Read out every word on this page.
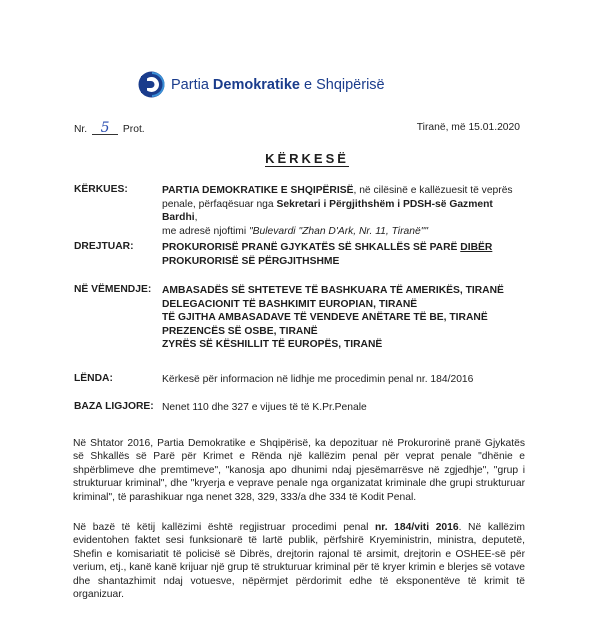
Partia Demokratike e Shqipërisë
Nr. 5 Prot.	Tiranë, më 15.01.2020
KËRKESË
KËRKUES:	PARTIA DEMOKRATIKE E SHQIPËRISË, në cilësinë e kallëzuesit të veprës
penale, përfaqësuar nga Sekretari i Përgjithshëm i PDSH-së Gazment Bardhi,
me adresë njoftimi "Bulevardi "Zhan D'Ark, Nr. 11, Tiranë""
DREJTUAR:	PROKURORISË PRANË GJYKATËS SË SHKALLËS SË PARË DIBËR
PROKURORISË SË PËRGJITHSHME
NË VËMENDJE: AMBASADËS SË SHTETEVE TË BASHKUARA TË AMERIKËS, TIRANË
DELEGACIONIT TË BASHKIMIT EUROPIAN, TIRANË
TË GJITHA AMBASADAVE TË VENDEVE ANËTARE TË BE, TIRANË
PREZENCËS SË OSBE, TIRANË
ZYRËS SË KËSHILLIT TË EUROPËS, TIRANË
LËNDA:	Kërkesë për informacion në lidhje me procedimin penal nr. 184/2016
BAZA LIGJORE: Nenet 110 dhe 327 e vijues të të K.Pr.Penale
Në Shtator 2016, Partia Demokratike e Shqipërisë, ka depozituar në Prokurorinë pranë Gjykatës së Shkallës së Parë për Krimet e Rënda një kallëzim penal për veprat penale "dhënie e shpërblimeve dhe premtimeve", "kanosja apo dhunimi ndaj pjesëmarrësve në zgjedhje", "grup i strukturuar kriminal", dhe "kryerja e veprave penale nga organizatat kriminale dhe grupi strukturuar kriminal", të parashikuar nga nenet 328, 329, 333/a dhe 334 të Kodit Penal.
Në bazë të këtij kallëzimi është regjistruar procedimi penal nr. 184/viti 2016. Në kallëzim evidentohen faktet sesi funksionarë të lartë publik, përfshirë Kryeministrin, ministra, deputetë, Shefin e komisariatit të policisë së Dibrës, drejtorin rajonal të arsimit, drejtorin e OSHEE-së për verium, etj., kanë kanë krijuar një grup të strukturuar kriminal për të kryer krimin e blerjes së votave dhe shantazhimit ndaj votuesve, nëpërmjet përdorimit edhe të eksponentëve të krimit të organizuar.
